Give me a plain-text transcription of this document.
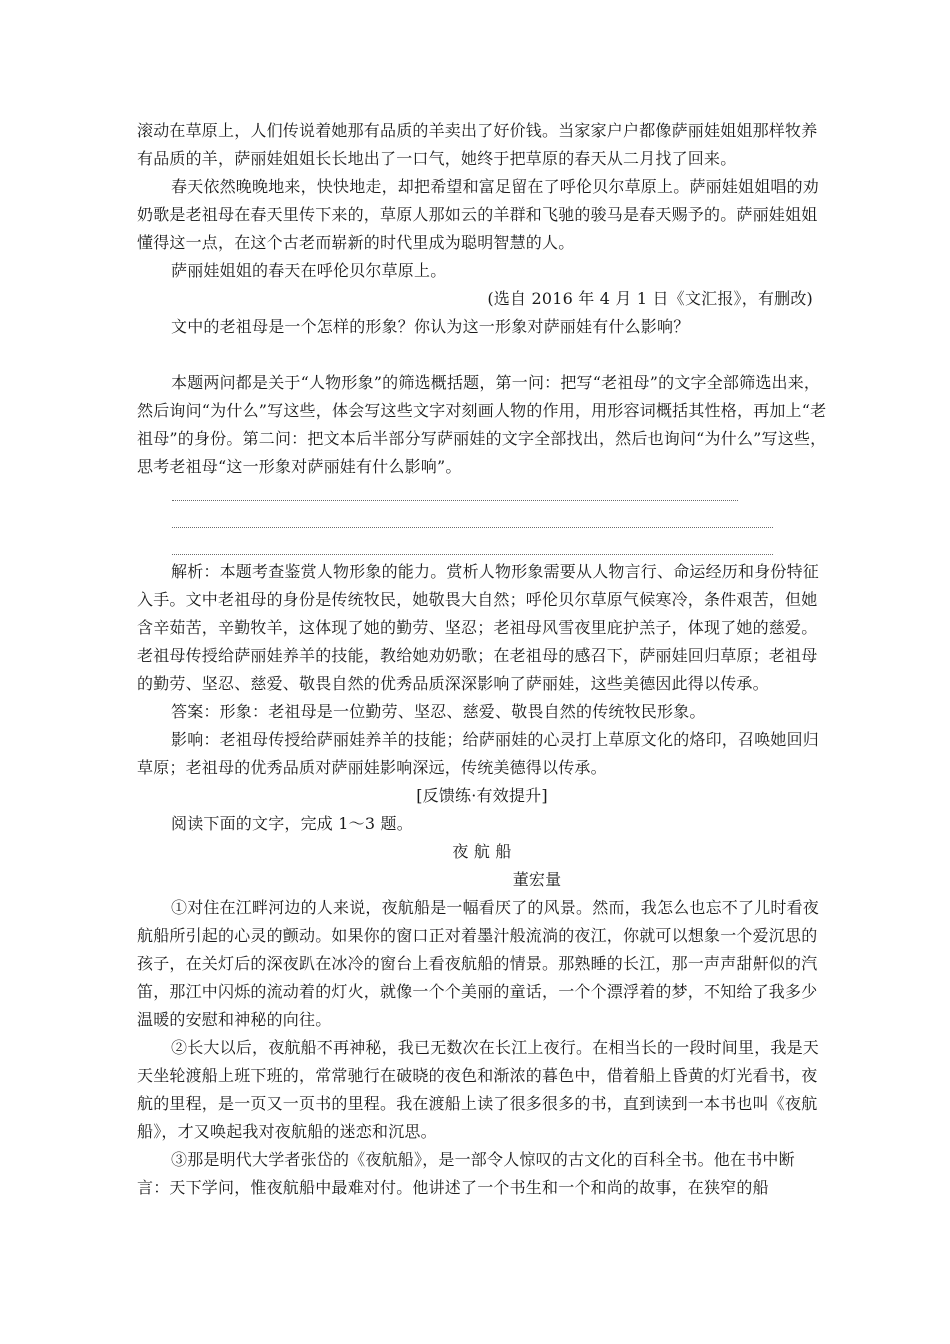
滚动在草原上，人们传说着她那有品质的羊卖出了好价钱。当家家户户都像萨丽娃姐姐那样牧养有品质的羊，萨丽娃姐姐长长地出了一口气，她终于把草原的春天从二月找了回来。

春天依然晚晚地来，快快地走，却把希望和富足留在了呼伦贝尔草原上。萨丽娃姐姐唱的劝奶歌是老祖母在春天里传下来的，草原人那如云的羊群和飞驰的骏马是春天赐予的。萨丽娃姐姐懂得这一点，在这个古老而崭新的时代里成为聪明智慧的人。

萨丽娃姐姐的春天在呼伦贝尔草原上。

(选自 2016 年 4 月 1 日《文汇报》，有删改)

文中的老祖母是一个怎样的形象？你认为这一形象对萨丽娃有什么影响？

本题两问都是关于“人物形象”的筛选概括题，第一问：把写“老祖母”的文字全部筛选出来，然后询问“为什么”写这些，体会写这些文字对刻画人物的作用，用形容词概括其性格，再加上“老祖母”的身份。第二问：把文本后半部分写萨丽娃的文字全部找出，然后也询问“为什么”写这些，思考老祖母“这一形象对萨丽娃有什么影响”。

解析：本题考查鉴赏人物形象的能力。赏析人物形象需要从人物言行、命运经历和身份特征入手。文中老祖母的身份是传统牧民，她敬畏大自然；呼伦贝尔草原气候寒冷，条件艰苦，但她含辛茹苦，辛勤牧羊，这体现了她的勤劳、坚忍；老祖母风雪夜里庇护羔子，体现了她的慈爱。老祖母传授给萨丽娃养羊的技能，教给她劝奶歌；在老祖母的感召下，萨丽娃回归草原；老祖母的勤劳、坚忍、慈爱、敬畏自然的优秀品质深深影响了萨丽娃，这些美德因此得以传承。

答案：形象：老祖母是一位勤劳、坚忍、慈爱、敬畏自然的传统牧民形象。

影响：老祖母传授给萨丽娃养羊的技能；给萨丽娃的心灵打上草原文化的烙印，召唤她回归草原；老祖母的优秀品质对萨丽娃影响深远，传统美德得以传承。

[反馈练·有效提升]

阅读下面的文字，完成 1～3 题。

夜 航 船

董宏量

①对住在江畔河边的人来说，夜航船是一幅看厌了的风景。然而，我怎么也忘不了儿时看夜航船所引起的心灵的颤动。如果你的窗口正对着墨汁般流淌的夜江，你就可以想象一个爱沉思的孩子，在关灯后的深夜趴在冰冷的窗台上看夜航船的情景。那熟睡的长江，那一声声甜鼾似的汽笛，那江中闪烁的流动着的灯火，就像一个个美丽的童话，一个个漂浮着的梦，不知给了我多少温暖的安慰和神秘的向往。

②长大以后，夜航船不再神秘，我已无数次在长江上夜行。在相当长的一段时间里，我是天天坐轮渡船上班下班的，常常驰行在破晓的夜色和渐浓的暮色中，借着船上昏黄的灯光看书，夜航的里程，是一页又一页书的里程。我在渡船上读了很多很多的书，直到读到一本书也叫《夜航船》，才又唤起我对夜航船的迷恋和沉思。

③那是明代大学者张岱的《夜航船》，是一部令人惊叹的古文化的百科全书。他在书中断言：天下学问，惟夜航船中最难对付。他讲述了一个书生和一个和尚的故事，在狭窄的船
